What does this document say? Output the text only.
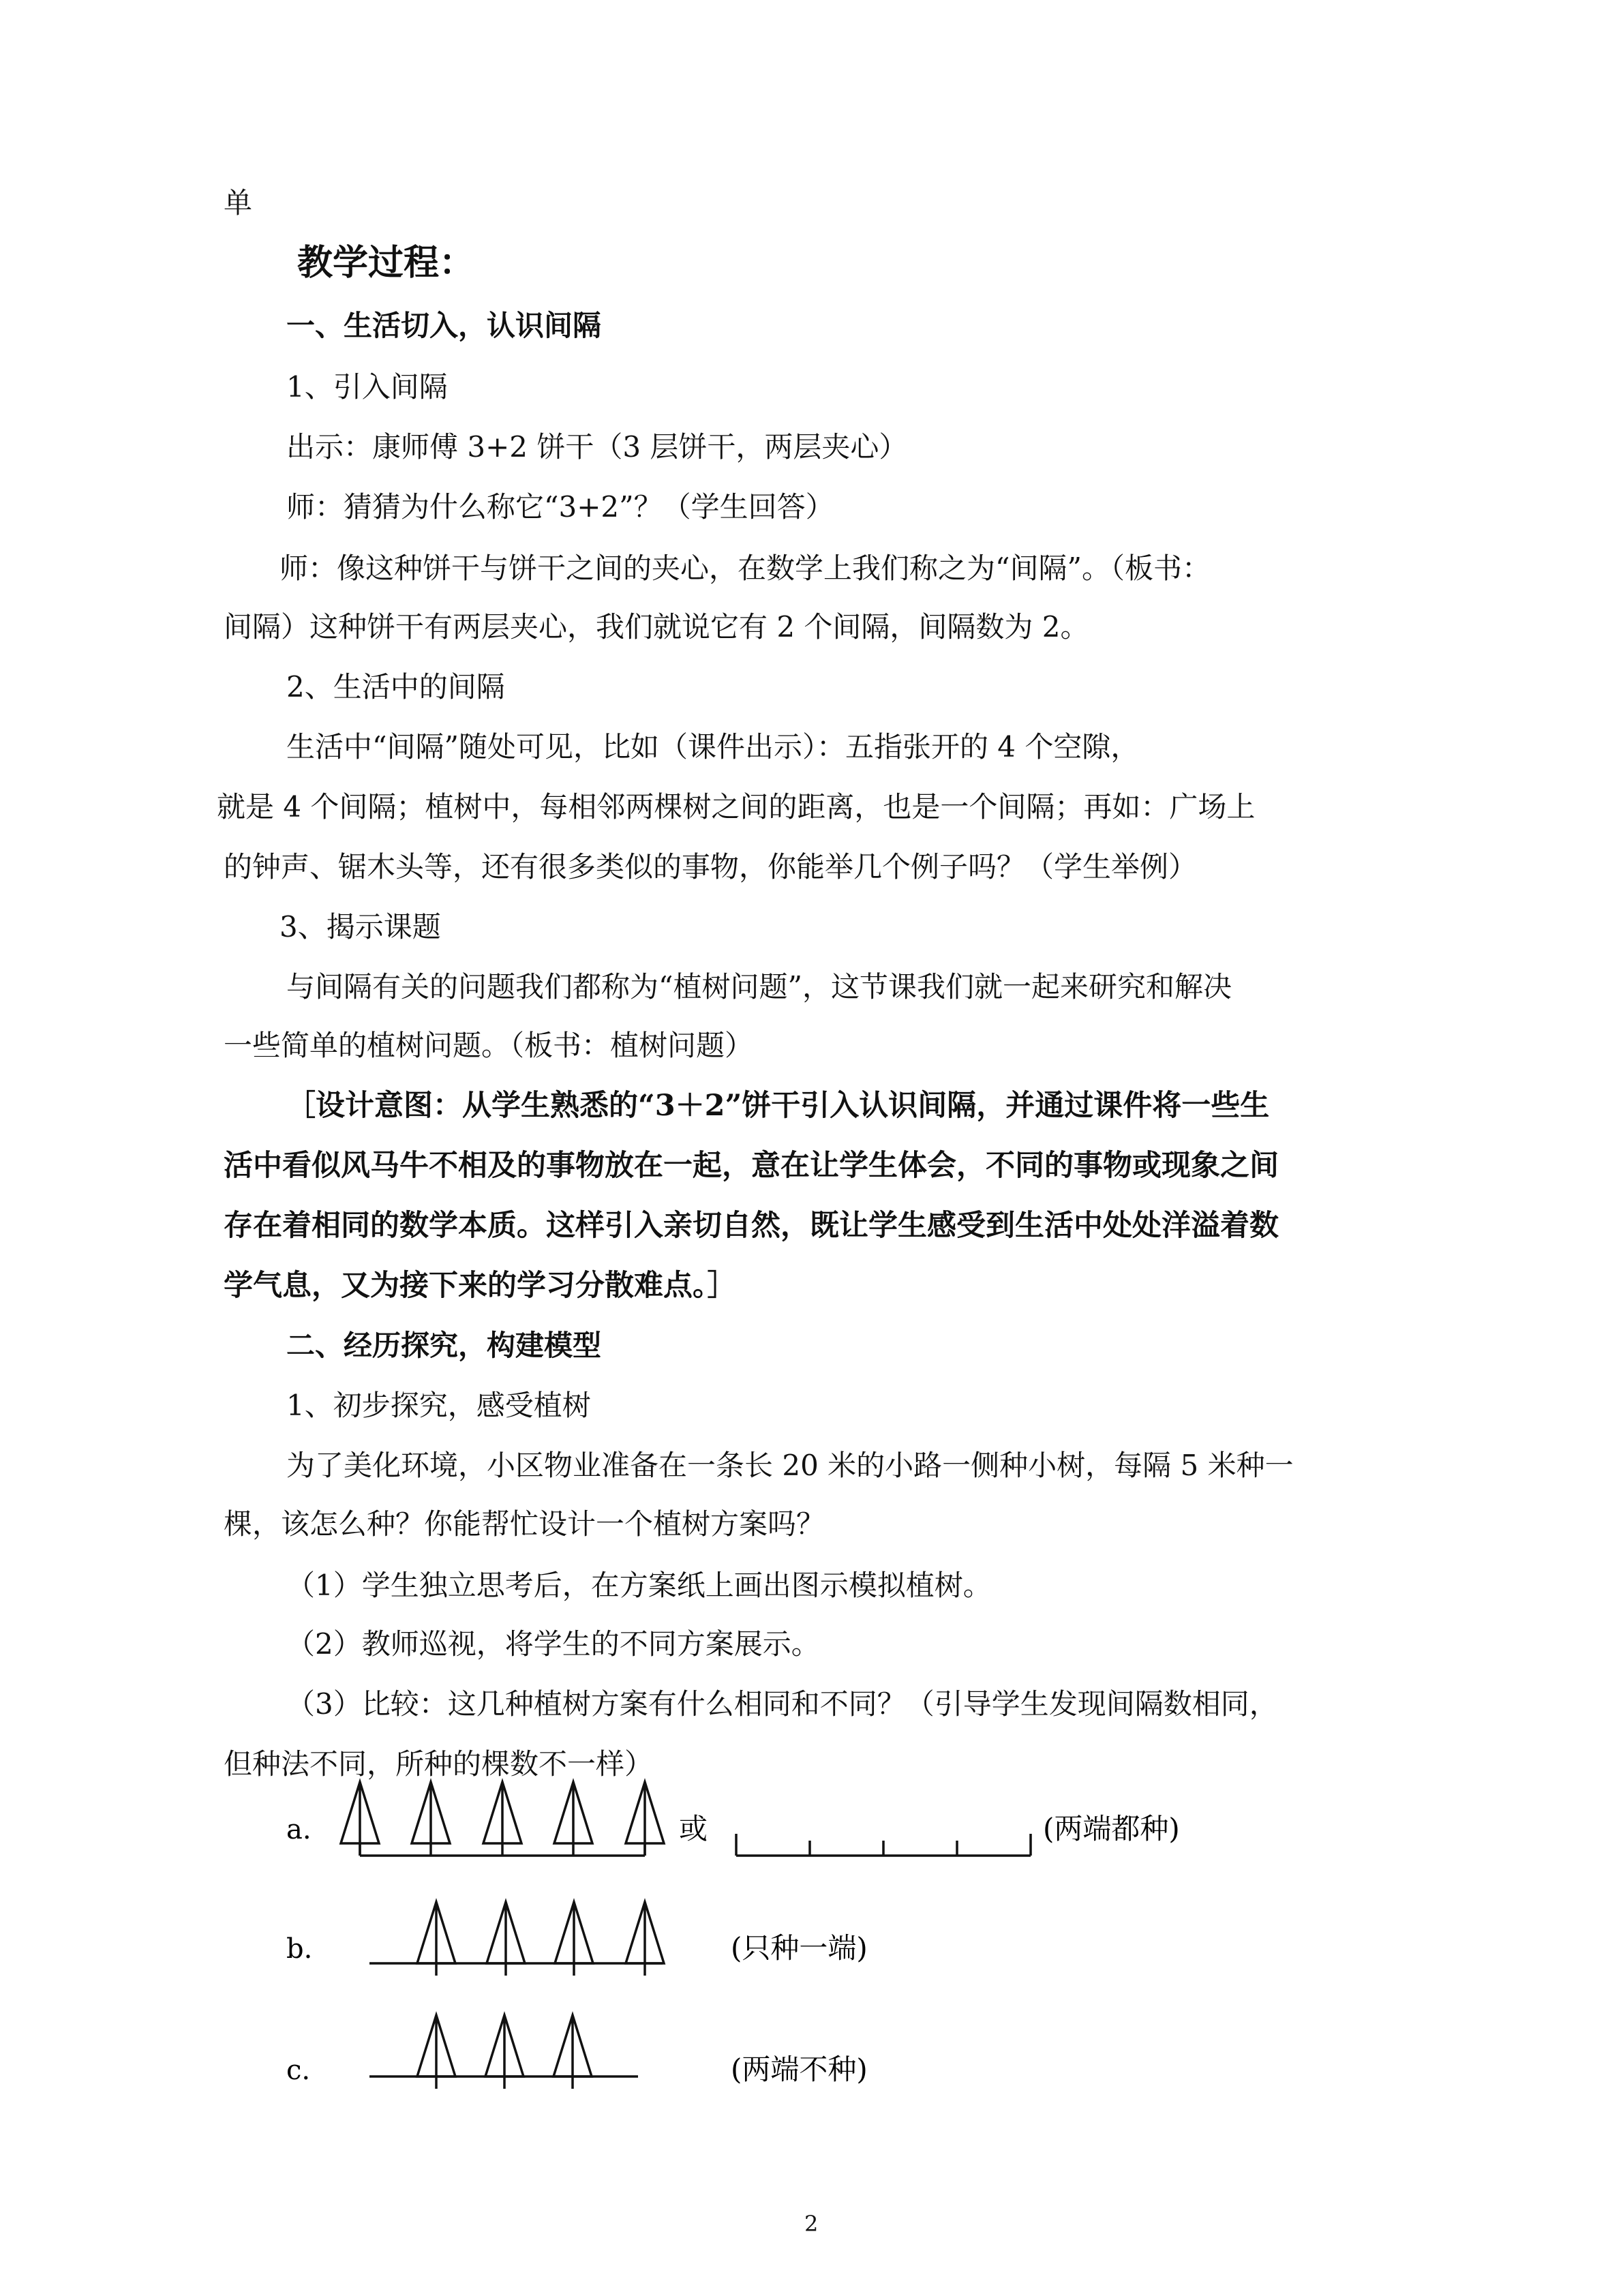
单
教学过程：
一、生活切入，认识间隔
1、引入间隔
出示：康师傅 3+2 饼干（3 层饼干，两层夹心）
师：猜猜为什么称它“3+2”？（学生回答）
师：像这种饼干与饼干之间的夹心，在数学上我们称之为“间隔”。（板书：
间隔）这种饼干有两层夹心，我们就说它有 2 个间隔，间隔数为 2。
2、生活中的间隔
生活中“间隔”随处可见，比如（课件出示）：五指张开的 4 个空隙，
就是 4 个间隔；植树中，每相邻两棵树之间的距离，也是一个间隔；再如：广场上
的钟声、锯木头等，还有很多类似的事物，你能举几个例子吗？（学生举例）
3、揭示课题
与间隔有关的问题我们都称为“植树问题”，这节课我们就一起来研究和解决
一些简单的植树问题。（板书：植树问题）
［设计意图：从学生熟悉的“3＋2”饼干引入认识间隔，并通过课件将一些生
活中看似风马牛不相及的事物放在一起，意在让学生体会，不同的事物或现象之间
存在着相同的数学本质。这样引入亲切自然，既让学生感受到生活中处处洋溢着数
学气息，又为接下来的学习分散难点。］
二、经历探究，构建模型
1、初步探究，感受植树
为了美化环境，小区物业准备在一条长 20 米的小路一侧种小树，每隔 5 米种一
棵，该怎么种？你能帮忙设计一个植树方案吗？
（1）学生独立思考后，在方案纸上画出图示模拟植树。
（2）教师巡视，将学生的不同方案展示。
（3）比较：这几种植树方案有什么相同和不同？（引导学生发现间隔数相同，
但种法不同，所种的棵数不一样）
a.	或	(两端都种)
b.	(只种一端)
c.	(两端不种)
2
